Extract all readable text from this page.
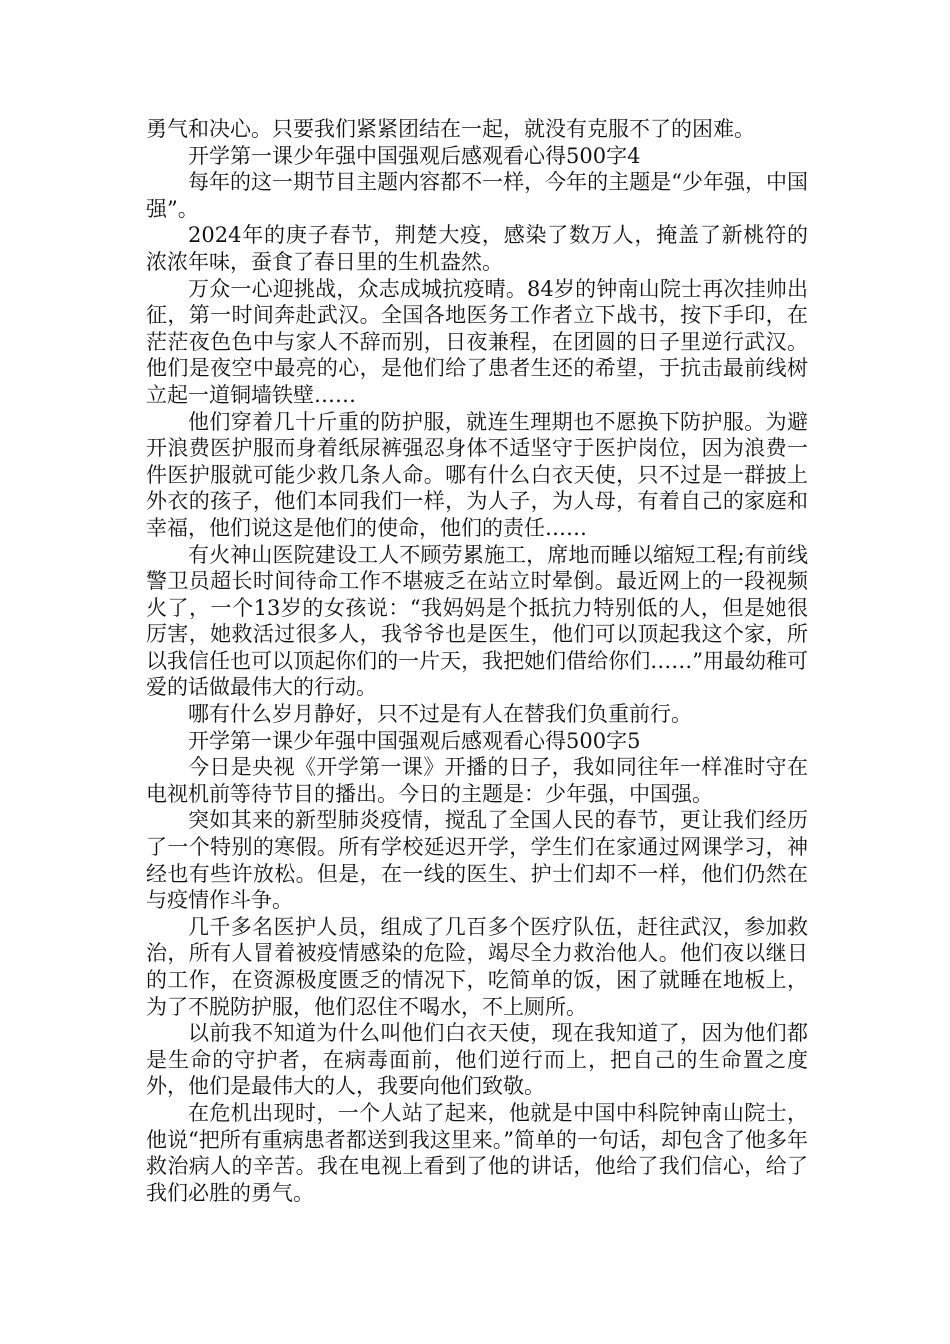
勇气和决心。只要我们紧紧团结在一起，就没有克服不了的困难。

开学第一课少年强中国强观后感观看心得500字4

每年的这一期节目主题内容都不一样，今年的主题是“少年强，中国强”。

2024年的庚子春节，荆楚大疫，感染了数万人，掩盖了新桃符的浓浓年味，蚕食了春日里的生机盎然。

万众一心迎挑战，众志成城抗疫晴。84岁的钟南山院士再次挂帅出征，第一时间奔赴武汉。全国各地医务工作者立下战书，按下手印，在茫茫夜色色中与家人不辞而别，日夜兼程，在团圆的日子里逆行武汉。他们是夜空中最亮的心，是他们给了患者生还的希望，于抗击最前线树立起一道铜墙铁壁……

他们穿着几十斤重的防护服，就连生理期也不愿换下防护服。为避开浪费医护服而身着纸尿裤强忍身体不适坚守于医护岗位，因为浪费一件医护服就可能少救几条人命。哪有什么白衣天使，只不过是一群披上外衣的孩子，他们本同我们一样，为人子，为人母，有着自己的家庭和幸福，他们说这是他们的使命，他们的责任……

有火神山医院建设工人不顾劳累施工，席地而睡以缩短工程;有前线警卫员超长时间待命工作不堪疲乏在站立时晕倒。最近网上的一段视频火了，一个13岁的女孩说：“我妈妈是个抵抗力特别低的人，但是她很厉害，她救活过很多人，我爷爷也是医生，他们可以顶起我这个家，所以我信任也可以顶起你们的一片天，我把她们借给你们……”用最幼稚可爱的话做最伟大的行动。

哪有什么岁月静好，只不过是有人在替我们负重前行。

开学第一课少年强中国强观后感观看心得500字5

今日是央视《开学第一课》开播的日子，我如同往年一样准时守在电视机前等待节目的播出。今日的主题是：少年强，中国强。

突如其来的新型肺炎疫情，搅乱了全国人民的春节，更让我们经历了一个特别的寒假。所有学校延迟开学，学生们在家通过网课学习，神经也有些许放松。但是，在一线的医生、护士们却不一样，他们仍然在与疫情作斗争。

几千多名医护人员，组成了几百多个医疗队伍，赶往武汉，参加救治，所有人冒着被疫情感染的危险，竭尽全力救治他人。他们夜以继日的工作，在资源极度匮乏的情况下，吃简单的饭，困了就睡在地板上，为了不脱防护服，他们忍住不喝水，不上厕所。

以前我不知道为什么叫他们白衣天使，现在我知道了，因为他们都是生命的守护者，在病毒面前，他们逆行而上，把自己的生命置之度外，他们是最伟大的人，我要向他们致敬。

在危机出现时，一个人站了起来，他就是中国中科院钟南山院士，他说“把所有重病患者都送到我这里来。”简单的一句话，却包含了他多年救治病人的辛苦。我在电视上看到了他的讲话，他给了我们信心，给了我们必胜的勇气。
